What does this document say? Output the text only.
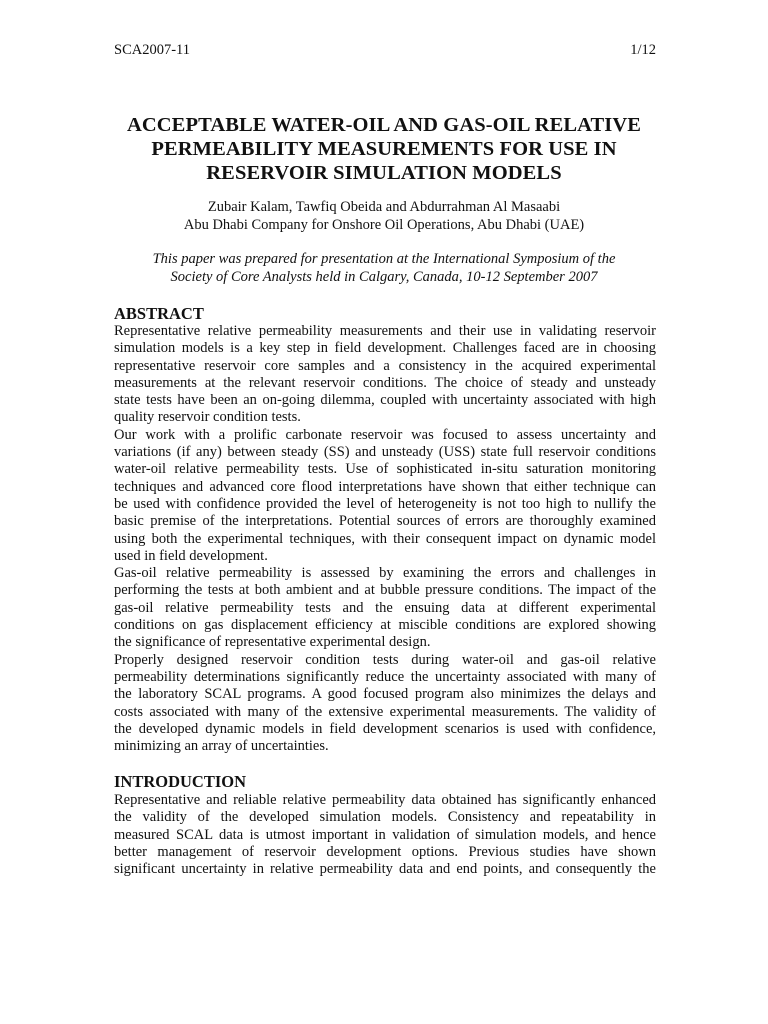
SCA2007-11	1/12
ACCEPTABLE WATER-OIL AND GAS-OIL RELATIVE
PERMEABILITY MEASUREMENTS FOR USE IN
RESERVOIR SIMULATION MODELS
Zubair Kalam, Tawfiq Obeida and Abdurrahman Al Masaabi
Abu Dhabi Company for Onshore Oil Operations, Abu Dhabi (UAE)
This paper was prepared for presentation at the International Symposium of the
Society of Core Analysts held in Calgary, Canada, 10-12 September 2007
ABSTRACT
Representative relative permeability measurements and their use in validating reservoir
simulation models is a key step in field development. Challenges faced are in choosing
representative reservoir core samples and a consistency in the acquired experimental
measurements at the relevant reservoir conditions. The choice of steady and unsteady
state tests have been an on-going dilemma, coupled with uncertainty associated with high
quality reservoir condition tests.
Our work with a prolific carbonate reservoir was focused to assess uncertainty and
variations (if any) between steady (SS) and unsteady (USS) state full reservoir conditions
water-oil relative permeability tests. Use of sophisticated in-situ saturation monitoring
techniques and advanced core flood interpretations have shown that either technique can
be used with confidence provided the level of heterogeneity is not too high to nullify the
basic premise of the interpretations. Potential sources of errors are thoroughly examined
using both the experimental techniques, with their consequent impact on dynamic model
used in field development.
Gas-oil relative permeability is assessed by examining the errors and challenges in
performing the tests at both ambient and at bubble pressure conditions. The impact of the
gas-oil relative permeability tests and the ensuing data at different experimental
conditions on gas displacement efficiency at miscible conditions are explored showing
the significance of representative experimental design.
Properly designed reservoir condition tests during water-oil and gas-oil relative
permeability determinations significantly reduce the uncertainty associated with many of
the laboratory SCAL programs. A good focused program also minimizes the delays and
costs associated with many of the extensive experimental measurements. The validity of
the developed dynamic models in field development scenarios is used with confidence,
minimizing an array of uncertainties.
INTRODUCTION
Representative and reliable relative permeability data obtained has significantly enhanced
the validity of the developed simulation models. Consistency and repeatability in
measured SCAL data is utmost important in validation of simulation models, and hence
better management of reservoir development options. Previous studies have shown
significant uncertainty in relative permeability data and end points, and consequently the
